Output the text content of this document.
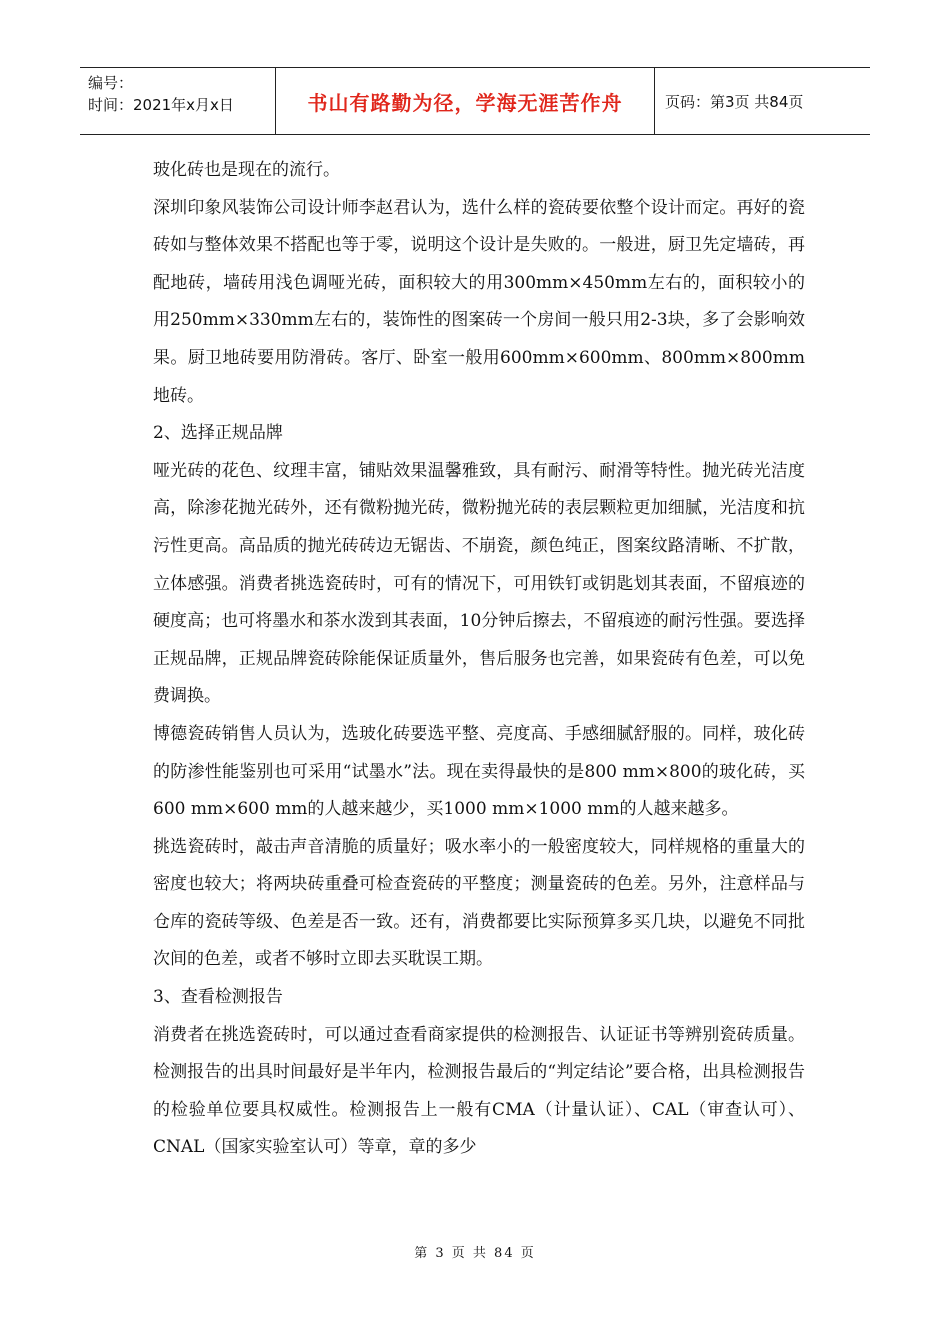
编号：
时间：2021年x月x日	书山有路勤为径，学海无涯苦作舟	页码：第3页 共84页

玻化砖也是现在的流行。

深圳印象风装饰公司设计师李赵君认为，选什么样的瓷砖要依整个设计而定。再好的瓷砖如与整体效果不搭配也等于零，说明这个设计是失败的。一般进，厨卫先定墙砖，再配地砖，墙砖用浅色调哑光砖，面积较大的用300mm×450mm左右的，面积较小的用250mm×330mm左右的，装饰性的图案砖一个房间一般只用2-3块，多了会影响效果。厨卫地砖要用防滑砖。客厅、卧室一般用600mm×600mm、800mm×800mm地砖。

2、选择正规品牌

哑光砖的花色、纹理丰富，铺贴效果温馨雅致，具有耐污、耐滑等特性。抛光砖光洁度高，除渗花抛光砖外，还有微粉抛光砖，微粉抛光砖的表层颗粒更加细腻，光洁度和抗污性更高。高品质的抛光砖砖边无锯齿、不崩瓷，颜色纯正，图案纹路清晰、不扩散，立体感强。消费者挑选瓷砖时，可有的情况下，可用铁钉或钥匙划其表面，不留痕迹的硬度高；也可将墨水和茶水泼到其表面，10分钟后擦去，不留痕迹的耐污性强。要选择正规品牌，正规品牌瓷砖除能保证质量外，售后服务也完善，如果瓷砖有色差，可以免费调换。

博德瓷砖销售人员认为，选玻化砖要选平整、亮度高、手感细腻舒服的。同样，玻化砖的防渗性能鉴别也可采用“试墨水”法。现在卖得最快的是800 mm×800的玻化砖，买600 mm×600 mm的人越来越少，买1000 mm×1000 mm的人越来越多。

挑选瓷砖时，敲击声音清脆的质量好；吸水率小的一般密度较大，同样规格的重量大的密度也较大；将两块砖重叠可检查瓷砖的平整度；测量瓷砖的色差。另外，注意样品与仓库的瓷砖等级、色差是否一致。还有，消费都要比实际预算多买几块，以避免不同批次间的色差，或者不够时立即去买耽误工期。

3、查看检测报告

消费者在挑选瓷砖时，可以通过查看商家提供的检测报告、认证证书等辨别瓷砖质量。检测报告的出具时间最好是半年内，检测报告最后的“判定结论”要合格，出具检测报告的检验单位要具权威性。检测报告上一般有CMA（计量认证）、CAL（审查认可）、CNAL（国家实验室认可）等章，章的多少

第 3 页 共 84 页
